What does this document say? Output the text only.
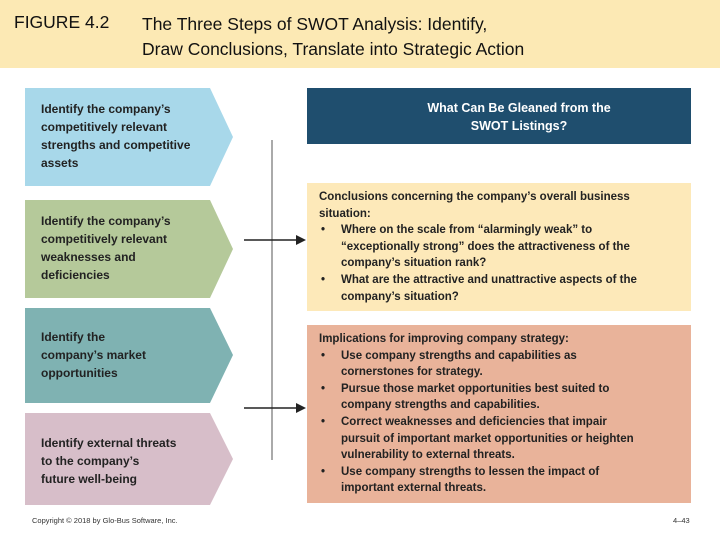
FIGURE 4.2 The Three Steps of SWOT Analysis: Identify,
Draw Conclusions, Translate into Strategic Action
Identify the company’s
competitively relevant
strengths and competitive
assets
Identify the company’s
competitively relevant
weaknesses and
deficiencies
Identify the
company’s market
opportunities
Identify external threats
to the company’s
future well-being
What Can Be Gleaned from the
SWOT Listings?
Conclusions concerning the company’s overall business
situation:
• Where on the scale from “alarmingly weak” to
“exceptionally strong” does the attractiveness of the
company’s situation rank?
• What are the attractive and unattractive aspects of the
company’s situation?
Implications for improving company strategy:
• Use company strengths and capabilities as
cornerstones for strategy.
• Pursue those market opportunities best suited to
company strengths and capabilities.
• Correct weaknesses and deficiencies that impair
pursuit of important market opportunities or heighten
vulnerability to external threats.
• Use company strengths to lessen the impact of
important external threats.
Copyright © 2018 by Glo-Bus Software, Inc.	4–43
